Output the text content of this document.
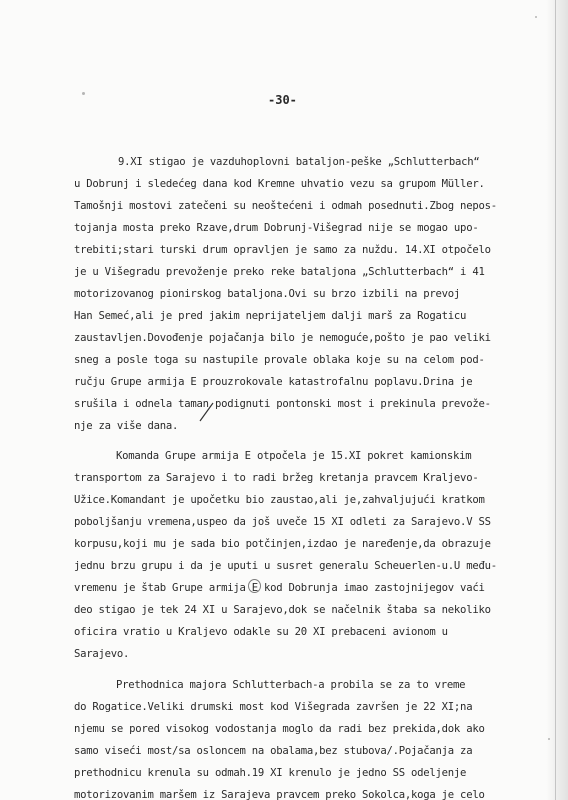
-30-
9.XI stigao je vazduhoplovni bataljon-peške „Schlutterbach“
u Dobrunj i sledećeg dana kod Kremne uhvatio vezu sa grupom Müller.
Tamošnji mostovi zatečeni su neoštećeni i odmah posednuti.Zbog nepos-
tojanja mosta preko Rzave,drum Dobrunj-Višegrad nije se mogao upo-
trebiti;stari turski drum opravljen je samo za nuždu. 14.XI otpočelo
je u Višegradu prevoženje preko reke bataljona „Schlutterbach“ i 41
motorizovanog pionirskog bataljona.Ovi su brzo izbili na prevoj
Han Semeć,ali je pred jakim neprijateljem dalji marš za Rogaticu
zaustavljen.Dovođenje pojačanja bilo je nemoguće,pošto je pao veliki
sneg a posle toga su nastupile provale oblaka koje su na celom pod-
ručju Grupe armija E prouzrokovale katastrofalnu poplavu.Drina je
srušila i odnela taman podignuti pontonski most i prekinula prevože-
nje za više dana.
Komanda Grupe armija E otpočela je 15.XI pokret kamionskim
transportom za Sarajevo i to radi bržeg kretanja pravcem Kraljevo-
Užice.Komandant je upočetku bio zaustao,ali je,zahvaljujući kratkom
poboljšanju vremena,uspeo da još uveče 15 XI odleti za Sarajevo.V SS
korpusu,koji mu je sada bio potčinjen,izdao je naređenje,da obrazuje
jednu brzu grupu i da je uputi u susret generalu Scheuerlen-u.U među-
vremenu je štab Grupe armija E kod Dobrunja imao zastojnijegov vaći
deo stigao je tek 24 XI u Sarajevo,dok se načelnik štaba sa nekoliko
oficira vratio u Kraljevo odakle su 20 XI prebaceni avionom u
Sarajevo.
Prethodnica majora Schlutterbach-a probila se za to vreme
do Rogatice.Veliki drumski most kod Višegrada završen je 22 XI;na
njemu se pored visokog vodostanja moglo da radi bez prekida,dok ako
samo viseći most/sa osloncem na obalama,bez stubova/.Pojačanja za
prethodnicu krenula su odmah.19 XI krenulo je jedno SS odeljenje
motorizovanim maršem iz Sarajeva pravcem preko Sokolca,koga je celo
